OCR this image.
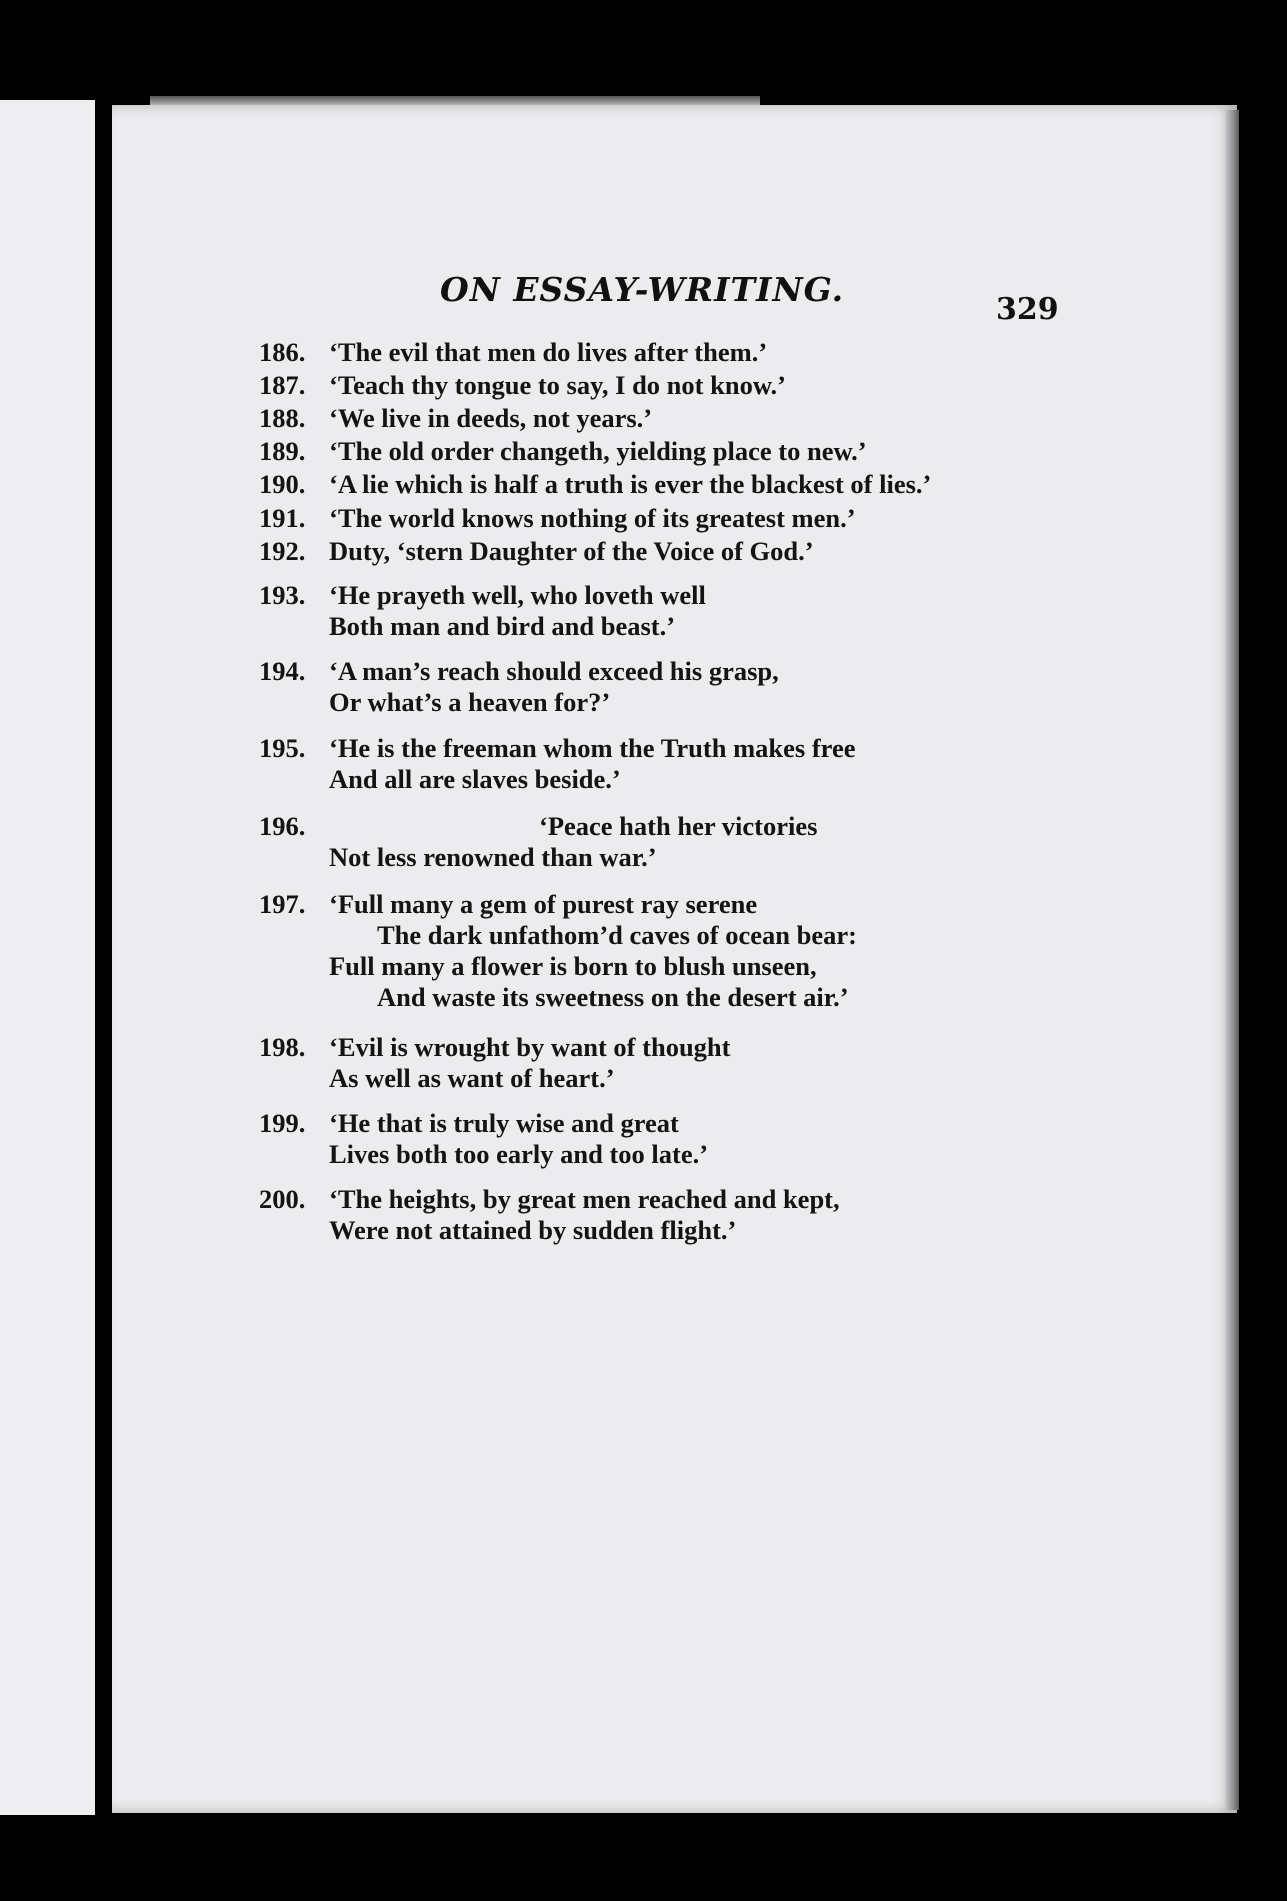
ON ESSAY-WRITING.
329
186. ‘The evil that men do lives after them.’
187. ‘Teach thy tongue to say, I do not know.’
188. ‘We live in deeds, not years.’
189. ‘The old order changeth, yielding place to new.’
190. ‘A lie which is half a truth is ever the blackest of lies.’
191. ‘The world knows nothing of its greatest men.’
192. Duty, ‘stern Daughter of the Voice of God.’
193. ‘He prayeth well, who loveth well
Both man and bird and beast.’
194. ‘A man’s reach should exceed his grasp,
Or what’s a heaven for?’
195. ‘He is the freeman whom the Truth makes free
And all are slaves beside.’
196.	‘Peace hath her victories
Not less renowned than war.’
197. ‘Full many a gem of purest ray serene
The dark unfathom’d caves of ocean bear:
Full many a flower is born to blush unseen,
And waste its sweetness on the desert air.’
198. ‘Evil is wrought by want of thought
As well as want of heart.’
199. ‘He that is truly wise and great
Lives both too early and too late.’
200. ‘The heights, by great men reached and kept,
Were not attained by sudden flight.’
